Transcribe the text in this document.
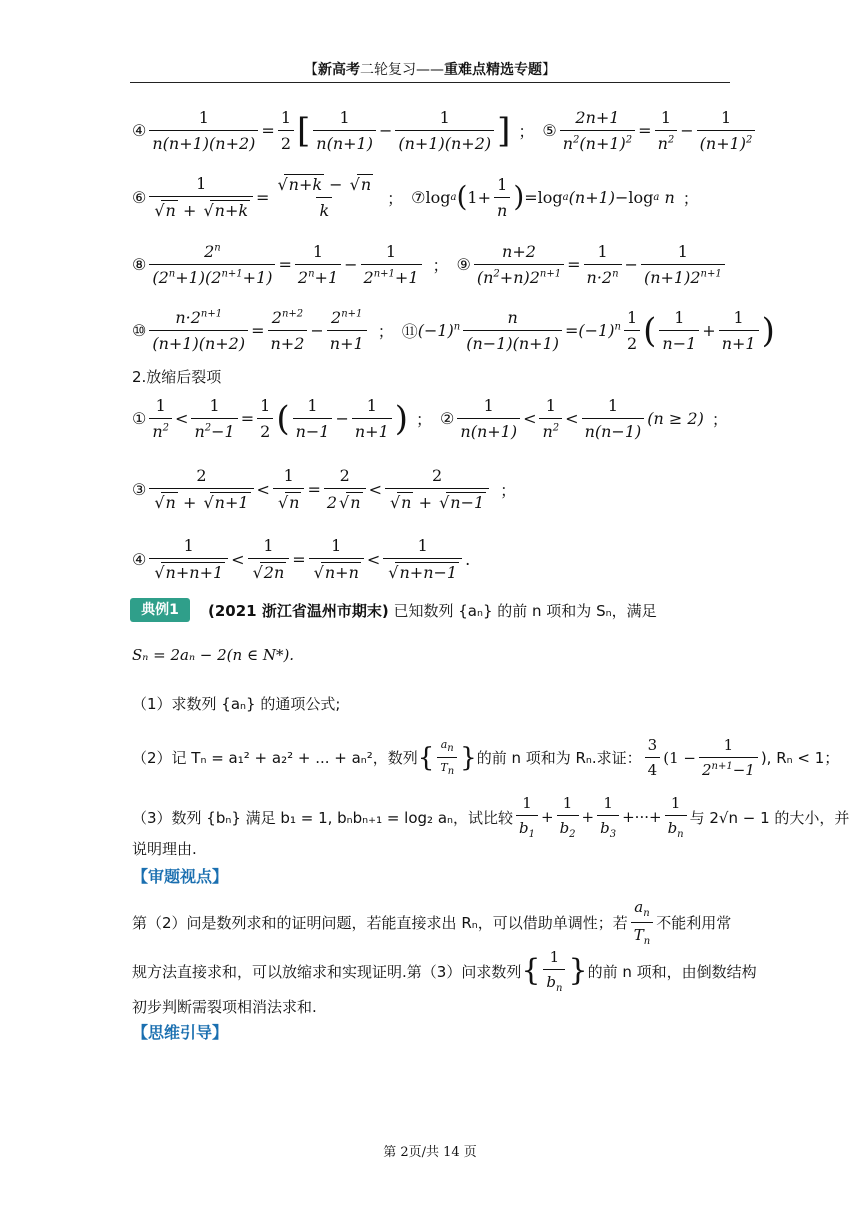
【新高考二轮复习——重难点精选专题】
④ $\frac{1}{n(n+1)(n+2)} = \frac{1}{2}$ [ $\frac{1}{n(n+1)} - \frac{1}{(n+1)(n+2)}$ ] ； ⑤ $\frac{2n+1}{n^2(n+1)^2} = \frac{1}{n^2} - \frac{1}{(n+1)^2}$
⑥ 1
√ n + √ n+k = √ $\frac{n+k - √ n}{k}$ ； ⑦ log a ( $1+ \frac{1}{n}$ ) =log a (n+1) −log a n ；
⑧ $\frac{2^n}{(2^n+1)(2^{n+1}+1)} = \frac{1}{2^n+1} - \frac{1}{2^{n+1}+1}$ ； ⑨ $\frac{n+2}{(n^2+n)2^{n+1}} = \frac{1}{n\cdot 2^n} - \frac{1}{(n+1)2^{n+1}}$
⑩ $\frac{n\cdot 2^{n+1}}{(n+1)(n+2)} = \frac{2^{n+2}}{n+2} - \frac{2^{n+1}}{n+1}$ ； ⑪ $(-1)^n \frac{n}{(n-1)(n+1)} = (-1)^n \frac{1}{2}$ ( $\frac{1}{n-1} + \frac{1}{n+1}$ )
2.放缩后裂项
① $\frac{1}{n^2} < \frac{1}{n^2-1} = \frac{1}{2}$ ( $\frac{1}{n-1} - \frac{1}{n+1}$ ) ； ② $\frac{1}{n(n+1)} < \frac{1}{n^2} < \frac{1}{n(n-1)} (n \ge 2)$ ；
③ 2
√ n + √ n+1 < 1
√ $n = \frac{2}{2 √ n} < 2$
√ n + √ n−1 ；
④ 1
√ n+n+1 < 1
√ 2n = 1
√ n+n < 1
√ n+n−1 .
典例1	(2021 浙江省温州市期末) 已知数列 {aₙ} 的前 n 项和为 Sₙ，满足
Sₙ = 2aₙ − 2(n ∈ N*).
（1）求数列 {aₙ} 的通项公式;
（2）记 Tₙ = a₁² + a₂² + ... + aₙ²，数列 { $\frac{an}{Tn}$ } 的前 n 项和为 Rₙ.求证： $\frac{3}{4} (1 - \frac{1}{2^{n+1}-1}$ ), Rₙ < 1；
（3）数列 {bₙ} 满足 b₁ = 1, bₙbₙ₊₁ = log₂ aₙ，试比较 $\frac{1}{b_1} + \frac{1}{b_2} + \frac{1}{b_3}$ +···+ $\frac{1}{b_n}$ 与 2√n − 1 的大小，并
说明理由.
【审题视点】
第（2）问是数列求和的证明问题，若能直接求出 Rₙ，可以借助单调性；若 $\frac{a_n}{T_n}$ 不能利用常
规方法直接求和，可以放缩求和实现证明.第（3）问求数列 { $\frac{1}{b_n}$ } 的前 n 项和，由倒数结构
初步判断需裂项相消法求和.
【思维引导】
第 2页/共 14 页
